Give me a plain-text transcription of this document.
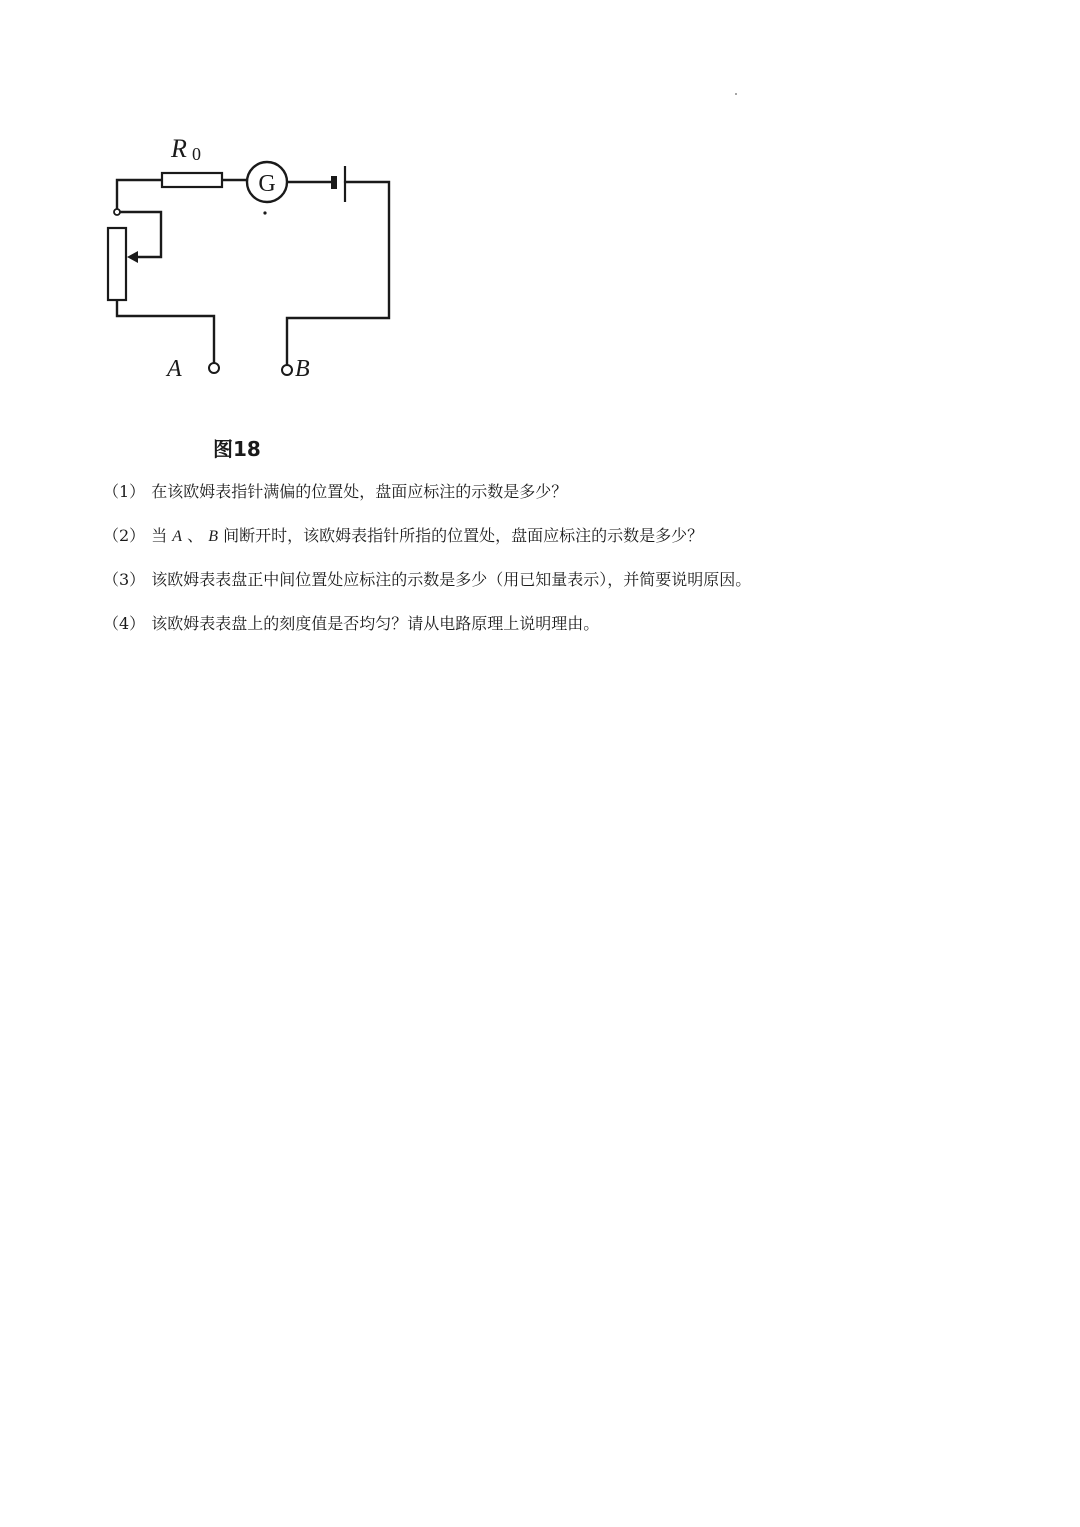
G
R 0
A	B
图18
（1） 在该欧姆表指针满偏的位置处，盘面应标注的示数是多少？
（2） 当 A 、 B 间断开时，该欧姆表指针所指的位置处，盘面应标注的示数是多少？
（3） 该欧姆表表盘正中间位置处应标注的示数是多少（用已知量表示），并简要说明原因。
（4） 该欧姆表表盘上的刻度值是否均匀？请从电路原理上说明理由。
